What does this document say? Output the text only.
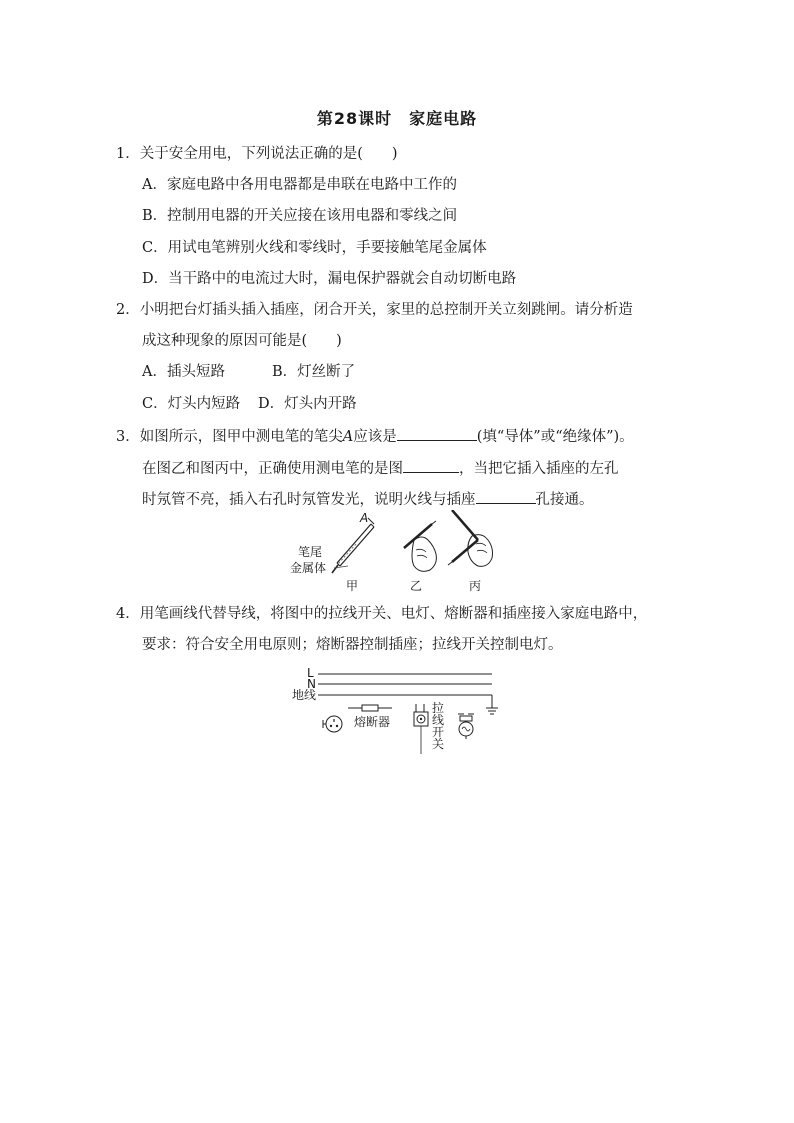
第28课时　家庭电路
1．关于安全用电，下列说法正确的是(　　)
A．家庭电路中各用电器都是串联在电路中工作的
B．控制用电器的开关应接在该用电器和零线之间
C．用试电笔辨别火线和零线时，手要接触笔尾金属体
D．当干路中的电流过大时，漏电保护器就会自动切断电路
2．小明把台灯插头插入插座，闭合开关，家里的总控制开关立刻跳闸。请分析造
成这种现象的原因可能是(　　)
A．插头短路	B．灯丝断了
C．灯头内短路 D．灯头内开路
3．如图所示，图甲中测电笔的笔尖A应该是	(填“导体”或“绝缘体”)。
在图乙和图丙中，正确使用测电笔的是图	，当把它插入插座的左孔
时氖管不亮，插入右孔时氖管发光，说明火线与插座	孔接通。
A
笔尾
金属体
甲	乙	丙
4．用笔画线代替导线，将图中的拉线开关、电灯、熔断器和插座接入家庭电路中，
要求：符合安全用电原则；熔断器控制插座；拉线开关控制电灯。
L
N
地线
熔断器
拉
线
开
关
